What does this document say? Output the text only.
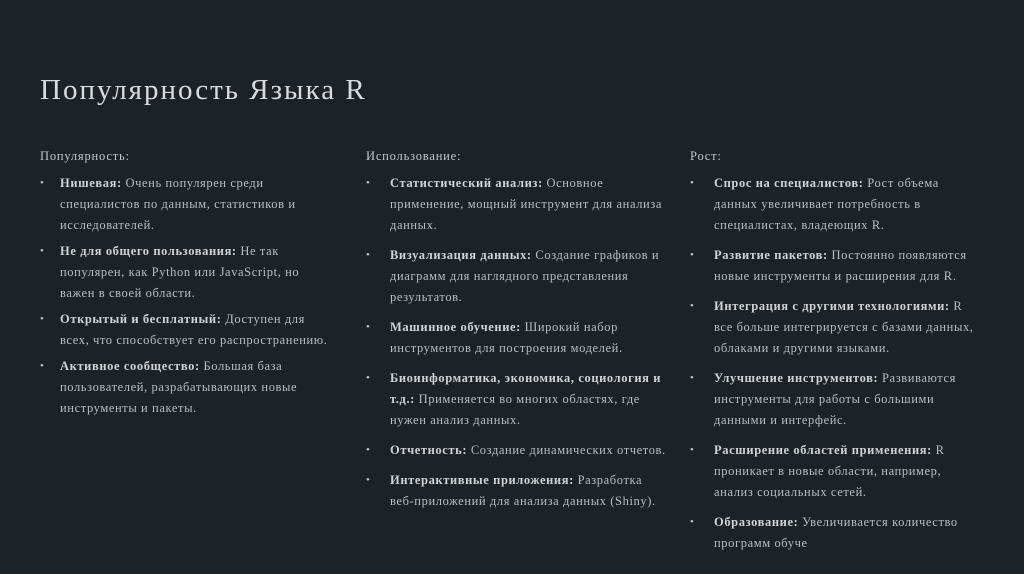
Популярность Языка R
Популярность:
• Нишевая: Очень популярен среди специалистов по данным, статистиков и исследователей.
• Не для общего пользования: Не так популярен, как Python или JavaScript, но важен в своей области.
• Открытый и бесплатный: Доступен для всех, что способствует его распространению.
• Активное сообщество: Большая база пользователей, разрабатывающих новые инструменты и пакеты.
Использование:
• Статистический анализ: Основное применение, мощный инструмент для анализа данных.
• Визуализация данных: Создание графиков и диаграмм для наглядного представления результатов.
• Машинное обучение: Широкий набор инструментов для построения моделей.
• Биоинформатика, экономика, социология и т.д.: Применяется во многих областях, где нужен анализ данных.
• Отчетность: Создание динамических отчетов.
• Интерактивные приложения: Разработка веб-приложений для анализа данных (Shiny).
Рост:
• Спрос на специалистов: Рост объема данных увеличивает потребность в специалистах, владеющих R.
• Развитие пакетов: Постоянно появляются новые инструменты и расширения для R.
• Интеграция с другими технологиями: R все больше интегрируется с базами данных, облаками и другими языками.
• Улучшение инструментов: Развиваются инструменты для работы с большими данными и интерфейс.
• Расширение областей применения: R проникает в новые области, например, анализ социальных сетей.
• Образование: Увеличивается количество программ обуче
